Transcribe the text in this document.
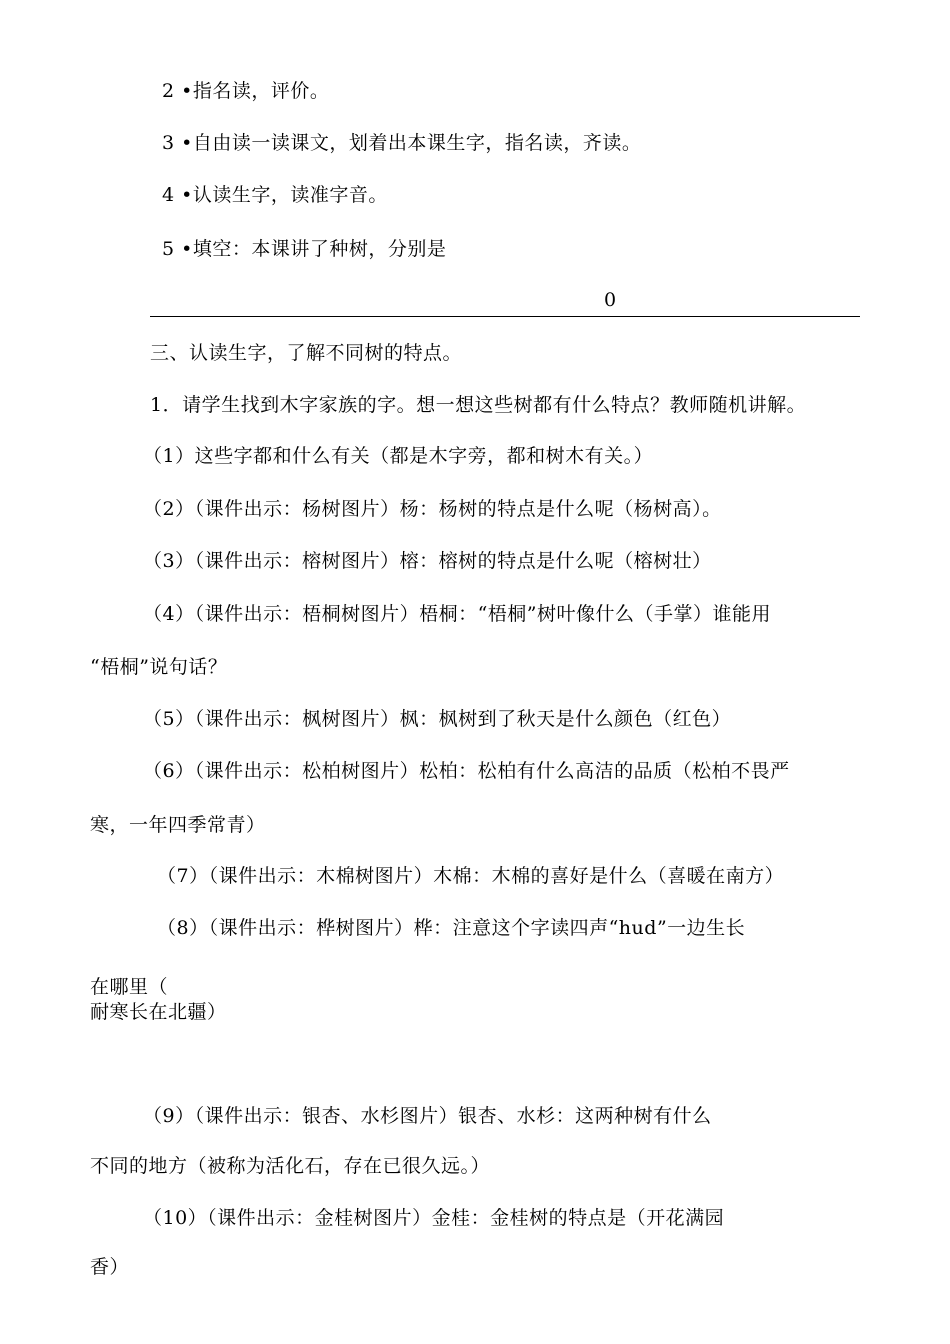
2 •指名读，评价。
3 •自由读一读课文，划着出本课生字，指名读，齐读。
4 •认读生字，读准字音。
5 •填空：本课讲了种树，分别是
0
三、认读生字，了解不同树的特点。
1．请学生找到木字家族的字。想一想这些树都有什么特点？教师随机讲解。
（1）这些字都和什么有关（都是木字旁，都和树木有关。）
（2）（课件出示：杨树图片）杨：杨树的特点是什么呢（杨树高）。
（3）（课件出示：榕树图片）榕：榕树的特点是什么呢（榕树壮）
（4）（课件出示：梧桐树图片）梧桐：“梧桐”树叶像什么（手掌）谁能用
“梧桐”说句话？
（5）（课件出示：枫树图片）枫：枫树到了秋天是什么颜色（红色）
（6）（课件出示：松柏树图片）松柏：松柏有什么高洁的品质（松柏不畏严
寒，一年四季常青）
（7）（课件出示：木棉树图片）木棉：木棉的喜好是什么（喜暖在南方）
（8）（课件出示：桦树图片）桦：注意这个字读四声“hud”一边生长
在哪里（
耐寒长在北疆）
（9）（课件出示：银杏、水杉图片）银杏、水杉：这两种树有什么
不同的地方（被称为活化石，存在已很久远。）
（10）（课件出示：金桂树图片）金桂：金桂树的特点是（开花满园
香）
